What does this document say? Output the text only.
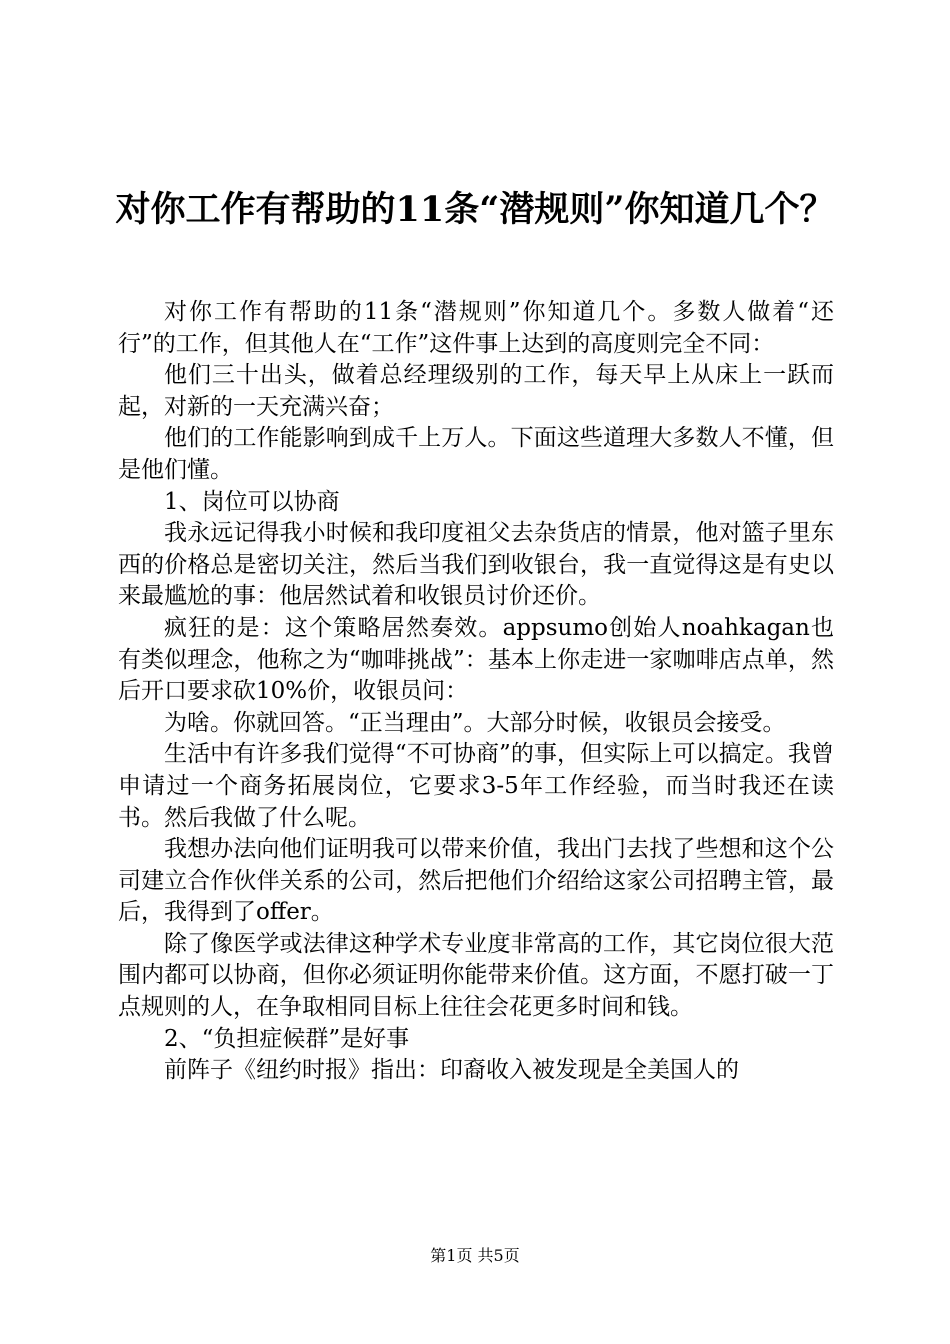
对你工作有帮助的11条“潜规则”你知道几个？

对你工作有帮助的11条“潜规则”你知道几个。多数人做着“还行”的工作，但其他人在“工作”这件事上达到的高度则完全不同：

他们三十出头，做着总经理级别的工作，每天早上从床上一跃而起，对新的一天充满兴奋；

他们的工作能影响到成千上万人。下面这些道理大多数人不懂，但是他们懂。

1、岗位可以协商

我永远记得我小时候和我印度祖父去杂货店的情景，他对篮子里东西的价格总是密切关注，然后当我们到收银台，我一直觉得这是有史以来最尴尬的事：他居然试着和收银员讨价还价。

疯狂的是：这个策略居然奏效。appsumo创始人noahkagan也有类似理念，他称之为“咖啡挑战”：基本上你走进一家咖啡店点单，然后开口要求砍10%价，收银员问：

为啥。你就回答。“正当理由”。大部分时候，收银员会接受。

生活中有许多我们觉得“不可协商”的事，但实际上可以搞定。我曾申请过一个商务拓展岗位，它要求3-5年工作经验，而当时我还在读书。然后我做了什么呢。

我想办法向他们证明我可以带来价值，我出门去找了些想和这个公司建立合作伙伴关系的公司，然后把他们介绍给这家公司招聘主管，最后，我得到了offer。

除了像医学或法律这种学术专业度非常高的工作，其它岗位很大范围内都可以协商，但你必须证明你能带来价值。这方面，不愿打破一丁点规则的人，在争取相同目标上往往会花更多时间和钱。

2、“负担症候群”是好事

前阵子《纽约时报》指出：印裔收入被发现是全美国人的

第1页 共5页
